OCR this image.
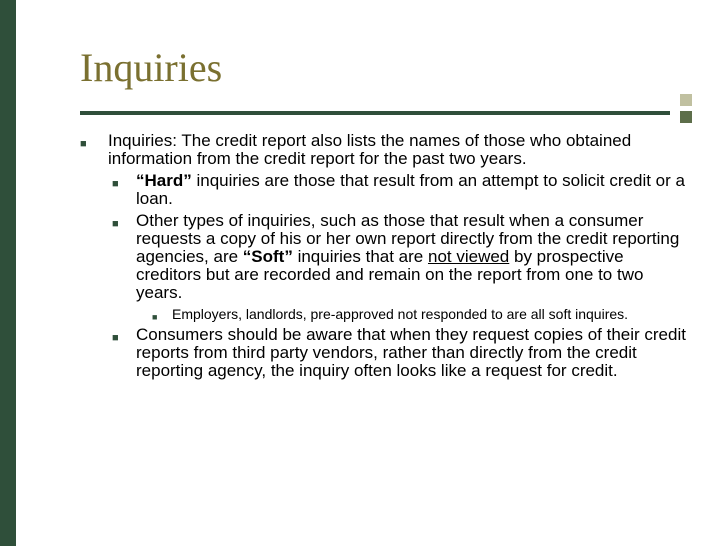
Inquiries
■ Inquiries: The credit report also lists the names of those who obtained information from the credit report for the past two years.
■ “Hard” inquiries are those that result from an attempt to solicit credit or a loan.
■ Other types of inquiries, such as those that result when a consumer requests a copy of his or her own report directly from the credit reporting agencies, are “Soft” inquiries that are not viewed by prospective creditors but are recorded and remain on the report from one to two years.
■ Employers, landlords, pre-approved not responded to are all soft inquires.
■ Consumers should be aware that when they request copies of their credit reports from third party vendors, rather than directly from the credit reporting agency, the inquiry often looks like a request for credit.
